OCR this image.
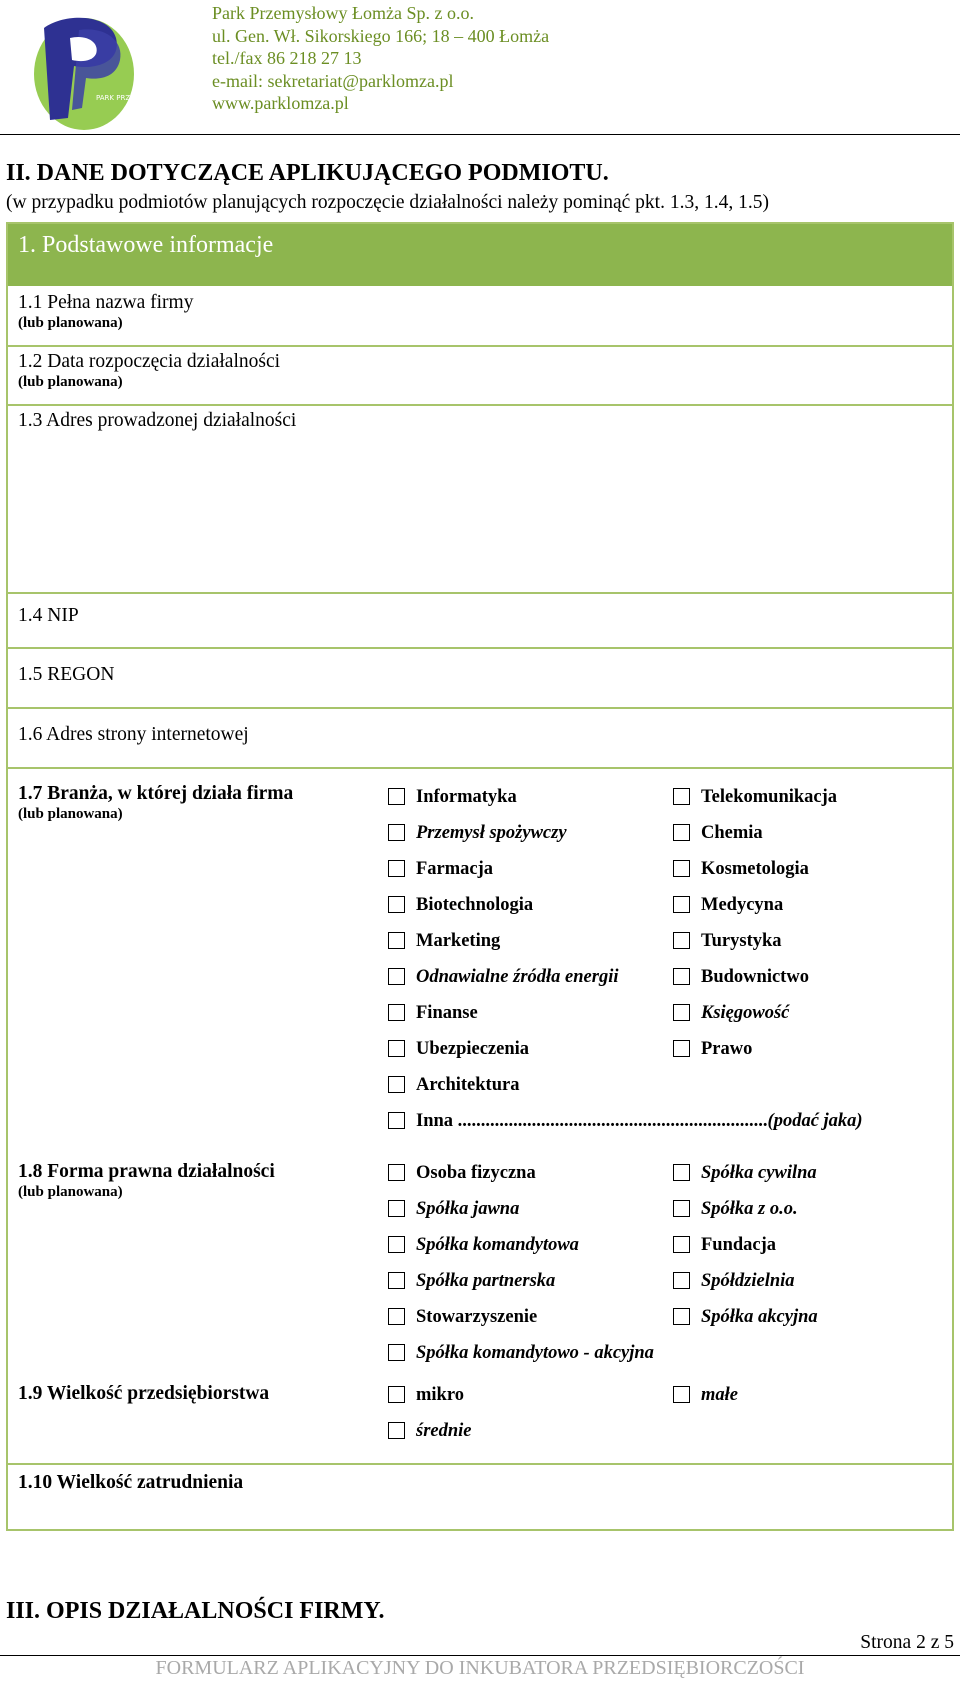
PARK PRZEMYSŁOWY ŁOMŻA
Park Przemysłowy Łomża Sp. z o.o.
ul. Gen. Wł. Sikorskiego 166; 18 – 400 Łomża
tel./fax 86 218 27 13
e-mail: sekretariat@parklomza.pl
www.parklomza.pl
II. DANE DOTYCZĄCE APLIKUJĄCEGO PODMIOTU.
(w przypadku podmiotów planujących rozpoczęcie działalności należy pominąć pkt. 1.3, 1.4, 1.5)
1. Podstawowe informacje
1.1 Pełna nazwa firmy
(lub planowana)
1.2 Data rozpoczęcia działalności
(lub planowana)
1.3 Adres prowadzonej działalności
1.4 NIP
1.5 REGON
1.6 Adres strony internetowej
1.7 Branża, w której działa firma
(lub planowana)
Informatyka	Telekomunikacja
Przemysł spożywczy	Chemia
Farmacja	Kosmetologia
Biotechnologia	Medycyna
Marketing	Turystyka
Odnawialne źródła energii	Budownictwo
Finanse	Księgowość
Ubezpieczenia	Prawo
Architektura
Inna ...................................................................(podać jaka)
1.8 Forma prawna działalności
(lub planowana)
Osoba fizyczna	Spółka cywilna
Spółka jawna	Spółka z o.o.
Spółka komandytowa	Fundacja
Spółka partnerska	Spółdzielnia
Stowarzyszenie	Spółka akcyjna
Spółka komandytowo - akcyjna
1.9 Wielkość przedsiębiorstwa	mikro	małe
średnie
1.10 Wielkość zatrudnienia
III. OPIS DZIAŁALNOŚCI FIRMY.
Strona 2 z 5
FORMULARZ APLIKACYJNY DO INKUBATORA PRZEDSIĘBIORCZOŚCI
